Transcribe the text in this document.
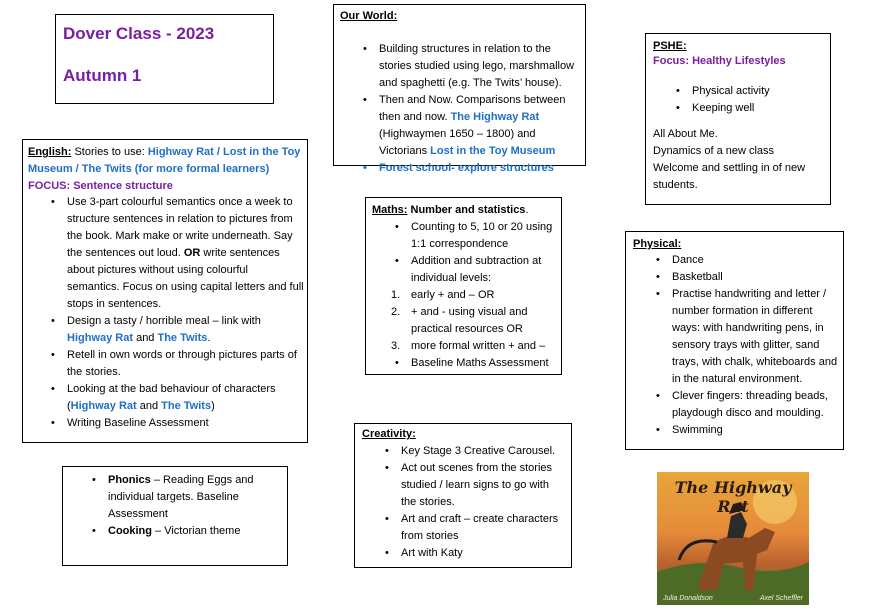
Dover Class - 2023
Autumn 1
Our World:
• Building structures in relation to the
stories studied using lego, marshmallow
and spaghetti (e.g. The Twits’ house).
• Then and Now. Comparisons between
then and now. The Highway Rat
(Highwaymen 1650 – 1800) and
Victorians Lost in the Toy Museum
• Forest school- explore structures
PSHE:
Focus: Healthy Lifestyles
• Physical activity
• Keeping well
All About Me.
Dynamics of a new class
Welcome and settling in of new
students.
English: Stories to use: Highway Rat / Lost in the Toy
Museum / The Twits (for more formal learners)
FOCUS: Sentence structure
• Use 3-part colourful semantics once a week to
structure sentences in relation to pictures from
the book. Mark make or write underneath. Say
the sentences out loud. OR write sentences
about pictures without using colourful
semantics. Focus on using capital letters and full
stops in sentences.
• Design a tasty / horrible meal – link with
Highway Rat and The Twits.
• Retell in own words or through pictures parts of
the stories.
• Looking at the bad behaviour of characters
(Highway Rat and The Twits)
• Writing Baseline Assessment
Maths: Number and statistics.
• Counting to 5, 10 or 20 using
1:1 correspondence
• Addition and subtraction at
individual levels:
1. early + and – OR
2. + and - using visual and
practical resources OR
3. more formal written + and –
• Baseline Maths Assessment
Physical:
• Dance
• Basketball
• Practise handwriting and letter /
number formation in different
ways: with handwriting pens, in
sensory trays with glitter, sand
trays, with chalk, whiteboards and
in the natural environment.
• Clever fingers: threading beads,
playdough disco and moulding.
• Swimming
• Phonics – Reading Eggs and
individual targets. Baseline
Assessment
• Cooking – Victorian theme
Creativity:
• Key Stage 3 Creative Carousel.
• Act out scenes from the stories
studied / learn signs to go with
the stories.
• Art and craft – create characters
from stories
• Art with Katy
The Highway Rat
Julia Donaldson	Axel Scheffler
